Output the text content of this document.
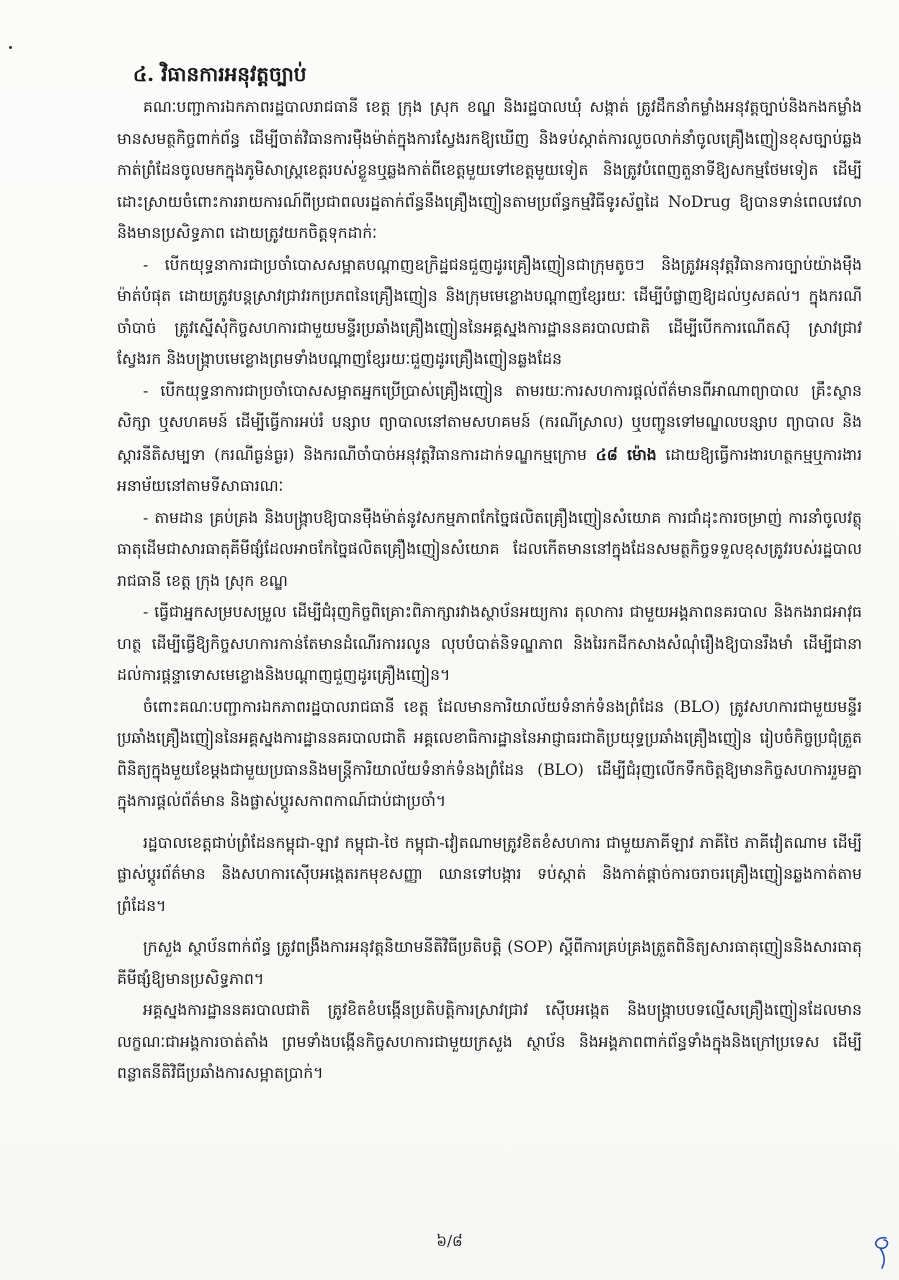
៤. វិធានការអនុវត្តច្បាប់

គណៈបញ្ជាការឯកភាពរដ្ឋបាលរាជធានី ខេត្ត ក្រុង ស្រុក ខណ្ឌ និងរដ្ឋបាលឃុំ សង្កាត់ ត្រូវដឹកនាំកម្លាំងអនុវត្តច្បាប់និងកងកម្លាំងមានសមត្ថកិច្ចពាក់ព័ន្ធ ដើម្បីចាត់វិធានការម៉ឺងម៉ាត់ក្នុងការស្វែងរកឱ្យឃើញ និងទប់ស្កាត់ការលួចលាក់នាំចូលគ្រឿងញៀនខុសច្បាប់ឆ្លងកាត់ព្រំដែនចូលមកក្នុងភូមិសាស្ត្រខេត្តរបស់ខ្លួនឬឆ្លងកាត់ពីខេត្តមួយទៅខេត្តមួយទៀត និងត្រូវបំពេញតួនាទីឱ្យសកម្មថែមទៀត ដើម្បីដោះស្រាយចំពោះការរាយការណ៍ពីប្រជាពលរដ្ឋតាក់ព័ន្ធនឹងគ្រឿងញៀនតាមប្រព័ន្ធកម្មវិធីទូរស័ព្ទដៃ NoDrug ឱ្យបានទាន់ពេលវេលានិងមានប្រសិទ្ធភាព ដោយត្រូវយកចិត្តទុកដាក់ៈ

- បើកយុទ្ធនាការជាប្រចាំបោសសម្អាតបណ្តាញឧក្រិដ្ឋជនជួញដូរគ្រឿងញៀនជាក្រុមតូចៗ និងត្រូវអនុវត្តវិធានការច្បាប់យ៉ាងម៉ឺងម៉ាត់បំផុត ដោយត្រូវបន្តស្រាវជ្រាវរកប្រភពនៃគ្រឿងញៀន និងក្រុមមេខ្លោងបណ្តាញខ្សែរយៈ ដើម្បីបំផ្លាញឱ្យដល់ឫសគល់។ ក្នុងករណីចាំបាច់ ត្រូវស្នើសុំកិច្ចសហការជាមួយមន្ទីរប្រឆាំងគ្រឿងញៀននៃអគ្គស្នងការដ្ឋាននគរបាលជាតិ ដើម្បីបើកការណើតស៊ុ ស្រាវជ្រាវ ស្វែងរក និងបង្ក្រាបមេខ្លោងព្រមទាំងបណ្តាញខ្សែរយៈជួញដូរគ្រឿងញៀនឆ្លងដែន

- បើកយុទ្ធនាការជាប្រចាំបោសសម្អាតអ្នកប្រើប្រាស់គ្រឿងញៀន តាមរយៈការសហការផ្តល់ព័ត៌មានពីអាណាព្យាបាល គ្រឹះស្ថានសិក្សា ឬសហគមន៍ ដើម្បីធ្វើការអប់រំ បន្សាប ព្យាបាលនៅតាមសហគមន៍ (ករណីស្រាល) ឬបញ្ជូនទៅមណ្ឌលបន្សាប ព្យាបាល និងស្តារនីតិសម្បទា (ករណីធ្ងន់ធ្ងរ) និងករណីចាំបាច់អនុវត្តវិធានការដាក់ទណ្ឌកម្មក្រោម ៤៨ ម៉ោង ដោយឱ្យធ្វើការងារហត្ថកម្មឬការងារអនាម័យនៅតាមទីសាធារណៈ

- តាមដាន គ្រប់គ្រង និងបង្ក្រាបឱ្យបានម៉ឺងម៉ាត់នូវសកម្មភាពកែច្នៃផលិតគ្រឿងញៀនសំយោគ ការជាំដុះការចម្រាញ់ ការនាំចូលវត្ថុធាតុដើមជាសារធាតុគីមីផ្សំដែលអាចកែច្នៃផលិតគ្រឿងញៀនសំយោគ ដែលកើតមាននៅក្នុងដែនសមត្ថកិច្ចទទួលខុសត្រូវរបស់រដ្ឋបាលរាជធានី ខេត្ត ក្រុង ស្រុក ខណ្ឌ

- ធ្វើជាអ្នកសម្របសម្រួល ដើម្បីជំរុញកិច្ចពិគ្រោះពិភាក្សារវាងស្ថាប័នអយ្យការ តុលាការ ជាមួយអង្គភាពនគរបាល និងកងរាជអាវុធហត្ថ ដើម្បីធ្វើឱ្យកិច្ចសហការកាន់តែមានដំណើរការរលូន លុបបំបាត់និទណ្ឌភាព និងរៃរកដីកសាងសំណុំរឿងឱ្យបានរឹងមាំ ដើម្បីជានាដល់ការផ្តន្ទាទោសមេខ្លោងនិងបណ្តាញជួញដូរគ្រឿងញៀន។

ចំពោះគណៈបញ្ជាការឯកភាពរដ្ឋបាលរាជធានី ខេត្ត ដែលមានការិយាល័យទំនាក់ទំនងព្រំដែន (BLO) ត្រូវសហការជាមួយមន្ទីរប្រឆាំងគ្រឿងញៀននៃអគ្គស្នងការដ្ឋាននគរបាលជាតិ អគ្គលេខាធិការដ្ឋាននៃអាជ្ញាធរជាតិប្រយុទ្ធប្រឆាំងគ្រឿងញៀន រៀបចំកិច្ចប្រជុំត្រួតពិនិត្យក្នុងមួយខែម្តងជាមួយប្រធាននិងមន្ត្រីការិយាល័យទំនាក់ទំនងព្រំដែន (BLO) ដើម្បីជំរុញលើកទឹកចិត្តឱ្យមានកិច្ចសហការរួមគ្នាក្នុងការផ្តល់ព័ត៌មាន និងផ្លាស់ប្តូរសកាពកាណ៍ជាប់ជាប្រចាំ។

រដ្ឋបាលខេត្តជាប់ព្រំដែនកម្ពុជា-ឡាវ កម្ពុជា-ថៃ កម្ពុជា-វៀតណាមត្រូវខិតខំសហការ ជាមួយភាគីឡាវ ភាគីថៃ ភាគីវៀតណាម ដើម្បីផ្លាស់ប្តូរព័ត៌មាន និងសហការស៊ើបអង្កេតរកមុខសញ្ញា ឈានទៅបង្ការ ទប់ស្កាត់ និងកាត់ផ្តាច់ការចរាចរគ្រឿងញៀនឆ្លងកាត់តាមព្រំដែន។

ក្រសួង ស្ថាប័នពាក់ព័ន្ធ ត្រូវពង្រឹងការអនុវត្តនិយាមនីតិវិធីប្រតិបត្តិ (SOP) ស្តីពីការគ្រប់គ្រងត្រួតពិនិត្យសារធាតុញៀននិងសារធាតុគីមីផ្សំឱ្យមានប្រសិទ្ធភាព។

អគ្គស្នងការដ្ឋាននគរបាលជាតិ ត្រូវខិតខំបង្កើនប្រតិបត្តិការស្រាវជ្រាវ ស៊ើបអង្កេត និងបង្ក្រាបបទល្មើសគ្រឿងញៀនដែលមានលក្ខណៈជាអង្គការចាត់តាំង ព្រមទាំងបង្កើនកិច្ចសហការជាមួយក្រសួង ស្ថាប័ន និងអង្គភាពពាក់ព័ន្ធទាំងក្នុងនិងក្រៅប្រទេស ដើម្បីពន្លាតនីតិវិធីប្រឆាំងការសម្អាតប្រាក់។

៦/៨
